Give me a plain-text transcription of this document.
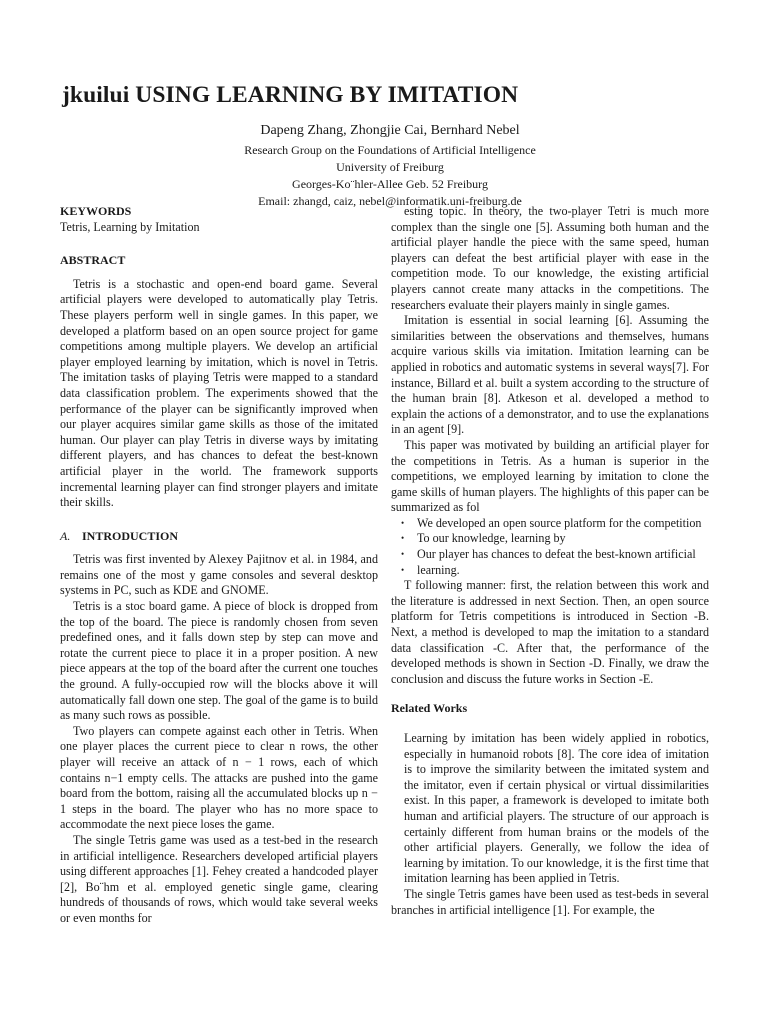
jkuilui USING LEARNING BY IMITATION
Dapeng Zhang, Zhongjie Cai, Bernhard Nebel
Research Group on the Foundations of Artificial Intelligence
University of Freiburg
Georges-Ko¨hler-Allee Geb. 52 Freiburg
Email: zhangd, caiz, nebel@informatik.uni-freiburg.de
KEYWORDS

Tetris, Learning by Imitation

ABSTRACT

Tetris is a stochastic and open-end board game. Several artificial players were developed to automatically play Tetris. These players perform well in single games. In this paper, we developed a platform based on an open source project for game competitions among multiple players. We develop an artificial player employed learning by imitation, which is novel in Tetris. The imitation tasks of playing Tetris were mapped to a standard data classification problem. The experiments showed that the performance of the player can be significantly improved when our player acquires similar game skills as those of the imitated human. Our player can play Tetris in diverse ways by imitating different players, and has chances to defeat the best-known artificial player in the world. The framework supports incremental learning player can find stronger players and imitate their skills.

A. INTRODUCTION

Tetris was first invented by Alexey Pajitnov et al. in 1984, and remains one of the most y game consoles and several desktop systems in PC, such as KDE and GNOME.

Tetris is a stoc board game. A piece of block is dropped from the top of the board. The piece is randomly chosen from seven predefined ones, and it falls down step by step can move and rotate the current piece to place it in a proper position. A new piece appears at the top of the board after the current one touches the ground. A fully-occupied row will the blocks above it will automatically fall down one step. The goal of the game is to build as many such rows as possible.

Two players can compete against each other in Tetris. When one player places the current piece to clear n rows, the other player will receive an attack of n − 1 rows, each of which contains n−1 empty cells. The attacks are pushed into the game board from the bottom, raising all the accumulated blocks up n − 1 steps in the board. The player who has no more space to accommodate the next piece loses the game.

The single Tetris game was used as a test-bed in the research in artificial intelligence. Researchers developed artificial players using different approaches [1]. Fehey created a handcoded player [2], Bo¨hm et al. employed genetic single game, clearing hundreds of thousands of rows, which would take several weeks or even months for

esting topic. In theory, the two-player Tetri is much more complex than the single one [5]. Assuming both human and the artificial player handle the piece with the same speed, human players can defeat the best artificial player with ease in the competition mode. To our knowledge, the existing artificial players cannot create many attacks in the competitions. The researchers evaluate their players mainly in single games.

Imitation is essential in social learning [6]. Assuming the similarities between the observations and themselves, humans acquire various skills via imitation. Imitation learning can be applied in robotics and automatic systems in several ways[7]. For instance, Billard et al. built a system according to the structure of the human brain [8]. Atkeson et al. developed a method to explain the actions of a demonstrator, and to use the explanations in an agent [9].

This paper was motivated by building an artificial player for the competitions in Tetris. As a human is superior in the competitions, we employed learning by imitation to clone the game skills of human players. The highlights of this paper can be summarized as fol

• We developed an open source platform for the competition
• To our knowledge, learning by
• Our player has chances to defeat the best-known artificial
• learning.

T following manner: first, the relation between this work and the literature is addressed in next Section. Then, an open source platform for Tetris competitions is introduced in Section -B. Next, a method is developed to map the imitation to a standard data classification -C. After that, the performance of the developed methods is shown in Section -D. Finally, we draw the conclusion and discuss the future works in Section -E.

Related Works

Learning by imitation has been widely applied in robotics, especially in humanoid robots [8]. The core idea of imitation is to improve the similarity between the imitated system and the imitator, even if certain physical or virtual dissimilarities exist. In this paper, a framework is developed to imitate both human and artificial players. The structure of our approach is certainly different from human brains or the models of the other artificial players. Generally, we follow the idea of learning by imitation. To our knowledge, it is the first time that imitation learning has been applied in Tetris.

The single Tetris games have been used as test-beds in several branches in artificial intelligence [1]. For example, the
